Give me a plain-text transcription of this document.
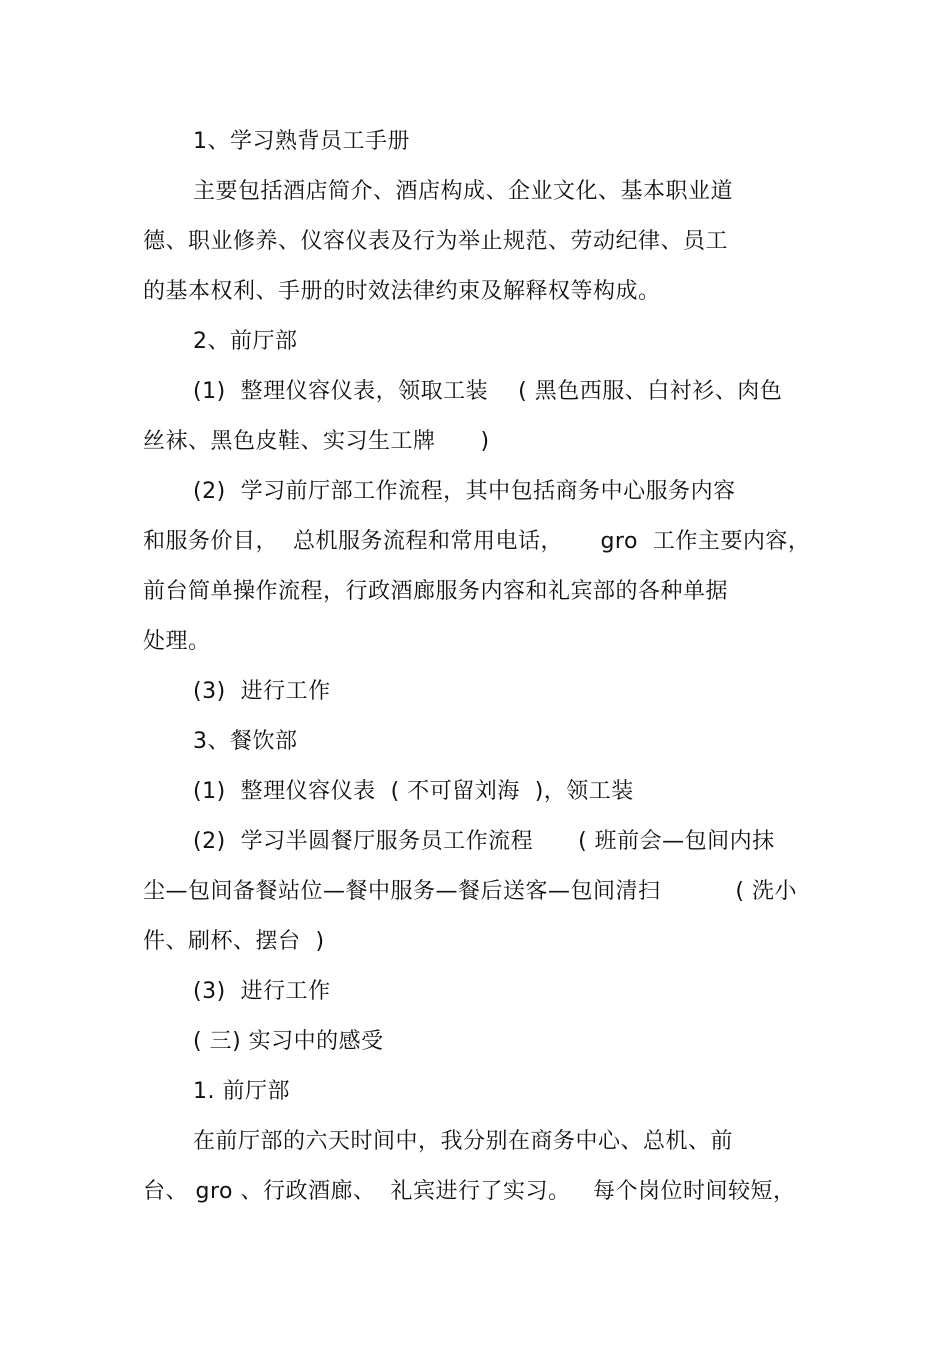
1、学习熟背员工手册
主要包括酒店简介、酒店构成、企业文化、基本职业道
德、职业修养、仪容仪表及行为举止规范、劳动纪律、员工
的基本权利、手册的时效法律约束及解释权等构成。
2、前厅部
(1)  整理仪容仪表，领取工装    ( 黑色西服、白衬衫、肉色
丝袜、黑色皮鞋、实习生工牌      )
(2)  学习前厅部工作流程，其中包括商务中心服务内容
和服务价目，  总机服务流程和常用电话，     gro  工作主要内容，
前台简单操作流程，行政酒廊服务内容和礼宾部的各种单据
处理。
(3)  进行工作
3、餐饮部
(1)  整理仪容仪表  ( 不可留刘海  )，领工装
(2)  学习半圆餐厅服务员工作流程      ( 班前会—包间内抹
尘—包间备餐站位—餐中服务—餐后送客—包间清扫          ( 洗小
件、刷杯、摆台  )
(3)  进行工作
( 三) 实习中的感受
1. 前厅部
在前厅部的六天时间中，我分别在商务中心、总机、前
台、 gro 、行政酒廊、  礼宾进行了实习。   每个岗位时间较短，
